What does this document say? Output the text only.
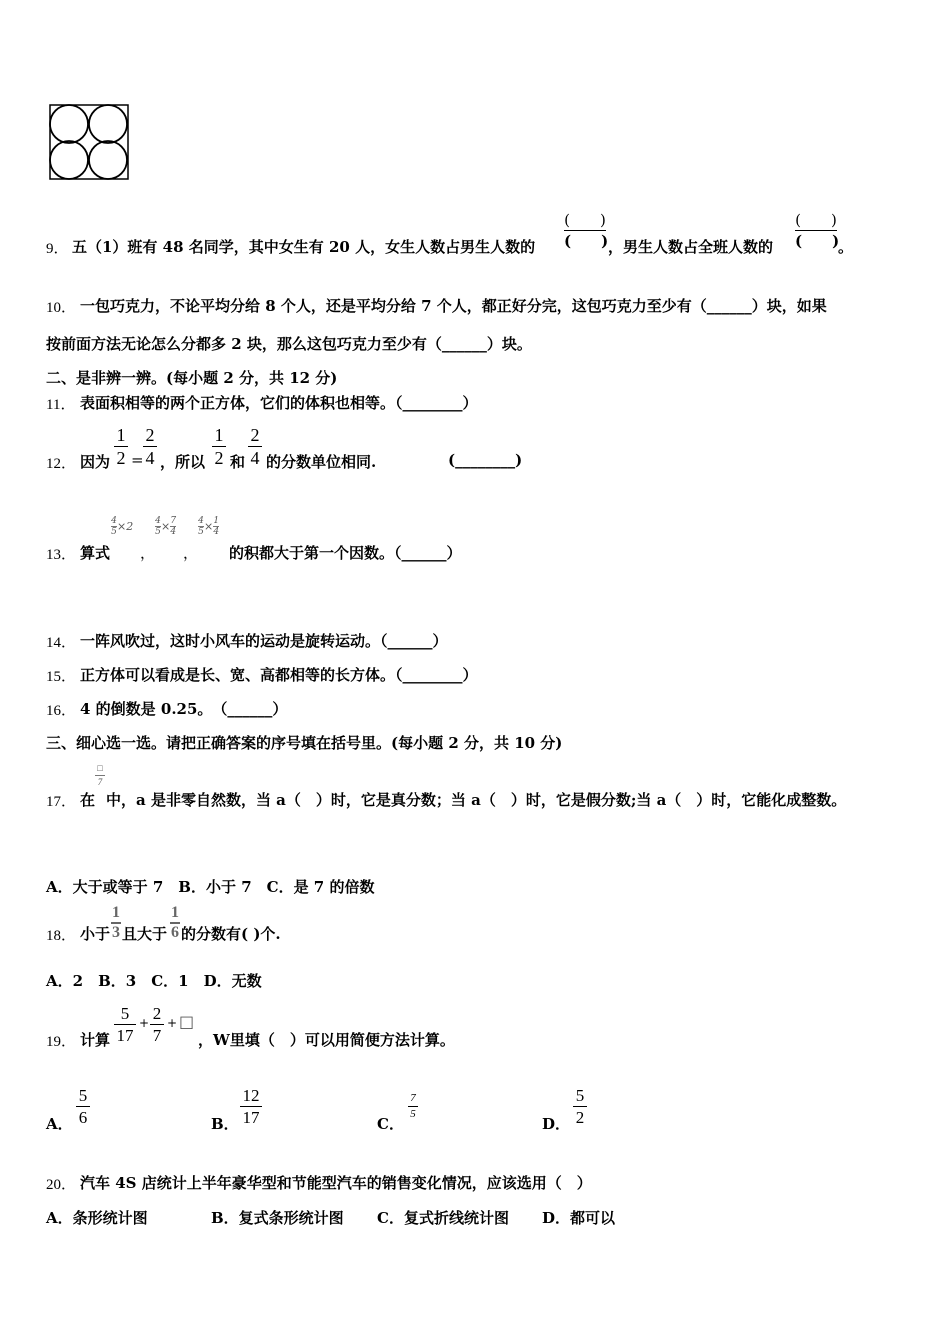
9． 五（1）班有 48 名同学，其中女生有 20 人，女生人数占男生人数的
(　　)
(　　) ，男生人数占全班人数的
(　　)
(　　)
。
10． 一包巧克力，不论平均分给 8 个人，还是平均分给 7 个人，都正好分完，这包巧克力至少有（______）块，如果
按前面方法无论怎么分都多 2 块，那么这包巧克力至少有（______）块。
二、是非辨一辨。(每小题 2 分，共 12 分)
11． 表面积相等的两个正方体，它们的体积也相等。（________）
12． 因为
1
2 =
2
4 ，所以
1
2 和
2
4 的分数单位相同.	(________)
13． 算式
$\frac{4}{5} \times 2$
，
$\frac{4}{5} \times \frac{7}{4}$
，
$\frac{4}{5} \times \frac{1}{4}$
的积都大于第一个因数。（______）
14． 一阵风吹过，这时小风车的运动是旋转运动。（______）
15． 正方体可以看成是长、宽、高都相等的长方体。（________）
16． 4 的倒数是 0.25。　（______）
三、细心选一选。请把正确答案的序号填在括号里。(每小题 2 分，共 10 分)
17． 在
□
7
中，a 是非零自然数，当 a（　）时，它是真分数；当 a（　）时，它是假分数;当 a（　）时，它能化成整数。
A．大于或等于 7　B．小于 7　C．是 7 的倍数
18． 小于
1
3 且大于
1
6 的分数有( )个.
A．2　B．3　C．1　D．无数
19． 计算
5
17
+ 2
7
+ □
，W里填（　）可以用简便方法计算。
A．
5
6	B．
12
17	C．
7
5
D．
5
2
20． 汽车 4S 店统计上半年豪华型和节能型汽车的销售变化情况，应该选用（　）
A．条形统计图	B．复式条形统计图 C．复式折线统计图 D．都可以
